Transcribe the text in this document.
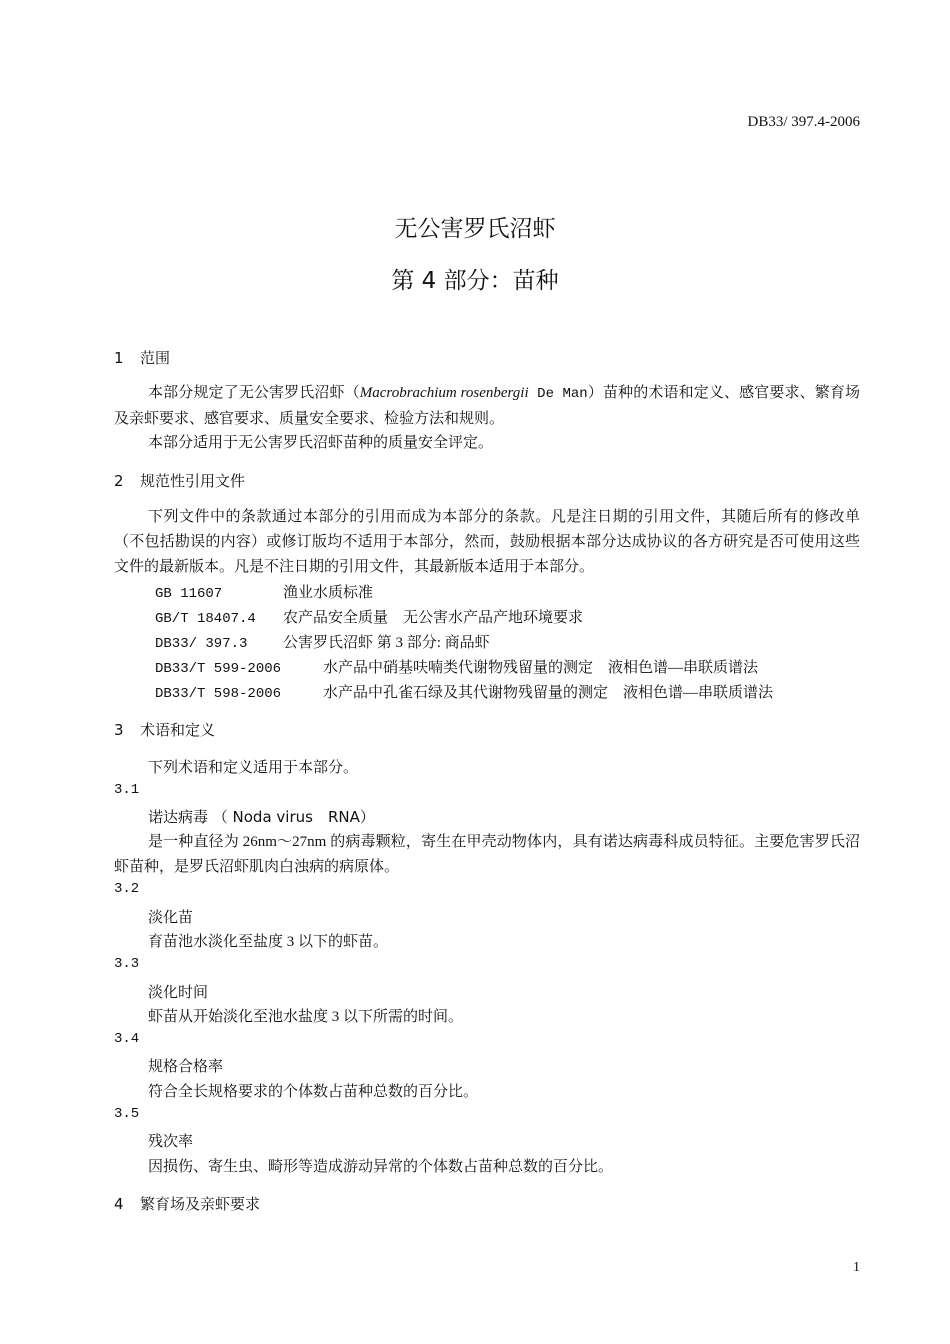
DB33/ 397.4-2006
无公害罗氏沼虾
第 4 部分：苗种
1 范围
本部分规定了无公害罗氏沼虾（Macrobrachium rosenbergii De Man）苗种的术语和定义、感官要求、繁育场及亲虾要求、感官要求、质量安全要求、检验方法和规则。
本部分适用于无公害罗氏沼虾苗种的质量安全评定。
2 规范性引用文件
下列文件中的条款通过本部分的引用而成为本部分的条款。凡是注日期的引用文件，其随后所有的修改单（不包括勘误的内容）或修订版均不适用于本部分，然而，鼓励根据本部分达成协议的各方研究是否可使用这些文件的最新版本。凡是不注日期的引用文件，其最新版本适用于本部分。
GB 11607	渔业水质标准
GB/T 18407.4 农产品安全质量　无公害水产品产地环境要求
DB33/ 397.3 公害罗氏沼虾 第 3 部分: 商品虾
DB33/T 599-2006	水产品中硝基呋喃类代谢物残留量的测定　液相色谱—串联质谱法
DB33/T 598-2006	水产品中孔雀石绿及其代谢物残留量的测定　液相色谱—串联质谱法
3 术语和定义
下列术语和定义适用于本部分。
3.1
诺达病毒 （ Noda virus　RNA）
是一种直径为 26nm～27nm 的病毒颗粒，寄生在甲壳动物体内，具有诺达病毒科成员特征。主要危害罗氏沼虾苗种，是罗氏沼虾肌肉白浊病的病原体。
3.2
淡化苗
育苗池水淡化至盐度 3 以下的虾苗。
3.3
淡化时间
虾苗从开始淡化至池水盐度 3 以下所需的时间。
3.4
规格合格率
符合全长规格要求的个体数占苗种总数的百分比。
3.5
残次率
因损伤、寄生虫、畸形等造成游动异常的个体数占苗种总数的百分比。
4 繁育场及亲虾要求
1
